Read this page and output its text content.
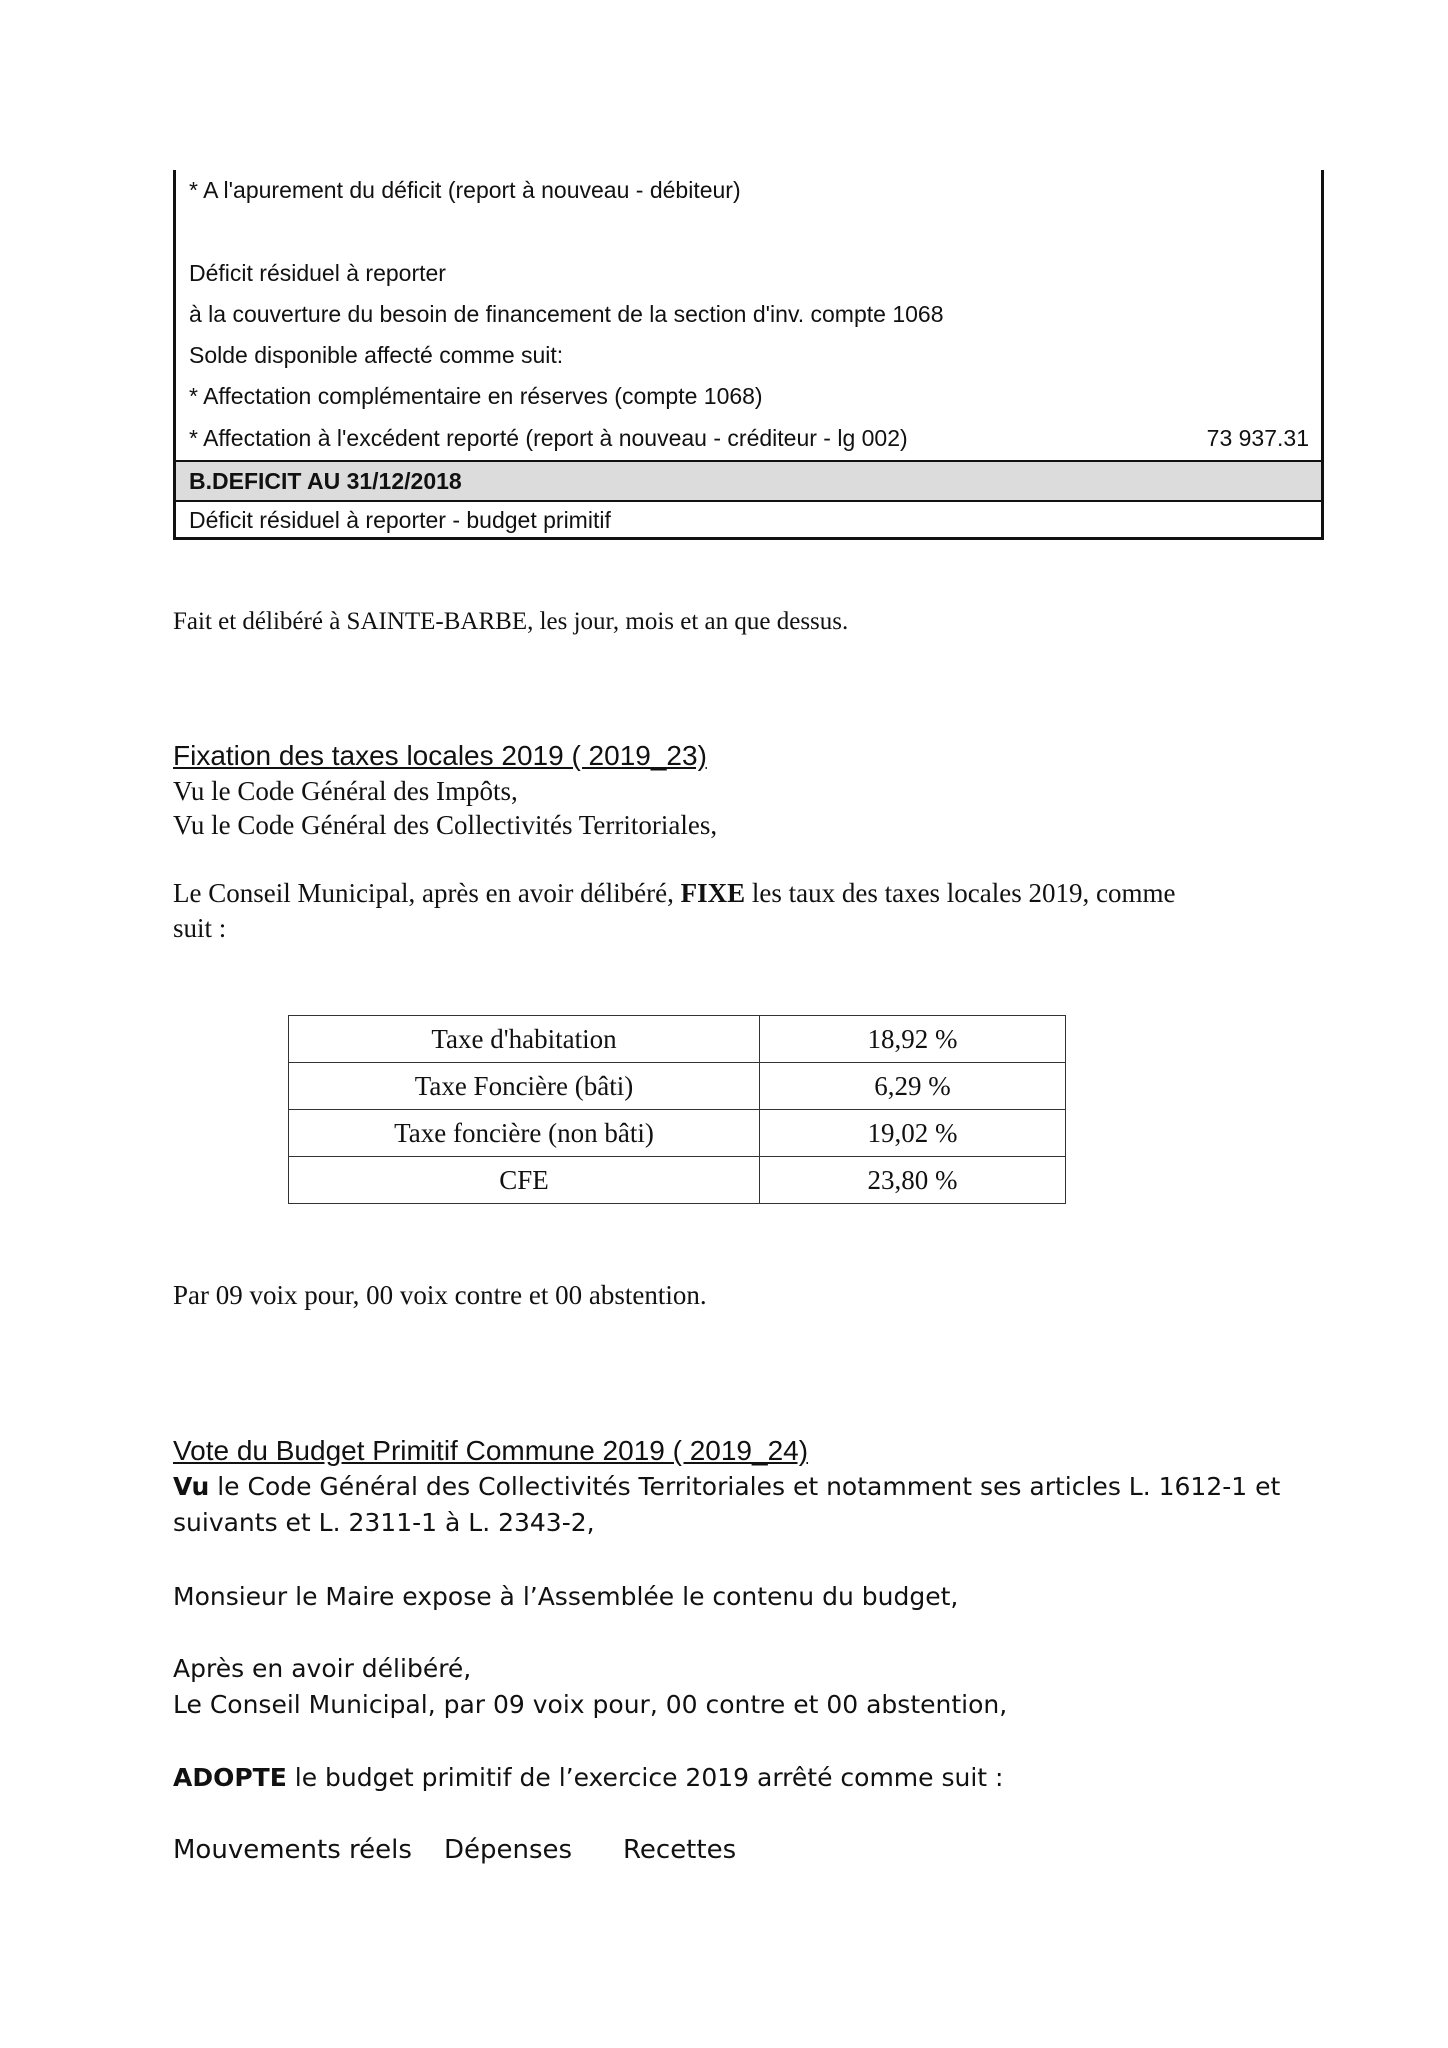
* A l'apurement du déficit (report à nouveau - débiteur)
Déficit résiduel à reporter
à la couverture du besoin de financement de la section d'inv. compte 1068
Solde disponible affecté comme suit:
* Affectation complémentaire en réserves (compte 1068)
* Affectation à l'excédent reporté (report à nouveau - créditeur - lg 002)	73 937.31
B.DEFICIT AU 31/12/2018
Déficit résiduel à reporter - budget primitif
Fait et délibéré à SAINTE-BARBE, les jour, mois et an que dessus.
Fixation des taxes locales 2019 ( 2019_23)
Vu le Code Général des Impôts,
Vu le Code Général des Collectivités Territoriales,
Le Conseil Municipal, après en avoir délibéré, FIXE les taux des taxes locales 2019, comme
suit :
Taxe d'habitation	18,92 %
Taxe Foncière (bâti)	6,29 %
Taxe foncière (non bâti)	19,02 %
CFE	23,80 %
Par 09 voix pour, 00 voix contre et 00 abstention.
Vote du Budget Primitif Commune 2019 ( 2019_24)
Vu le Code Général des Collectivités Territoriales et notamment ses articles L. 1612-1 et
suivants et L. 2311-1 à L. 2343-2,
Monsieur le Maire expose à l’Assemblée le contenu du budget,
Après en avoir délibéré,
Le Conseil Municipal, par 09 voix pour, 00 contre et 00 abstention,
ADOPTE le budget primitif de l’exercice 2019 arrêté comme suit :
Mouvements réels Dépenses Recettes
